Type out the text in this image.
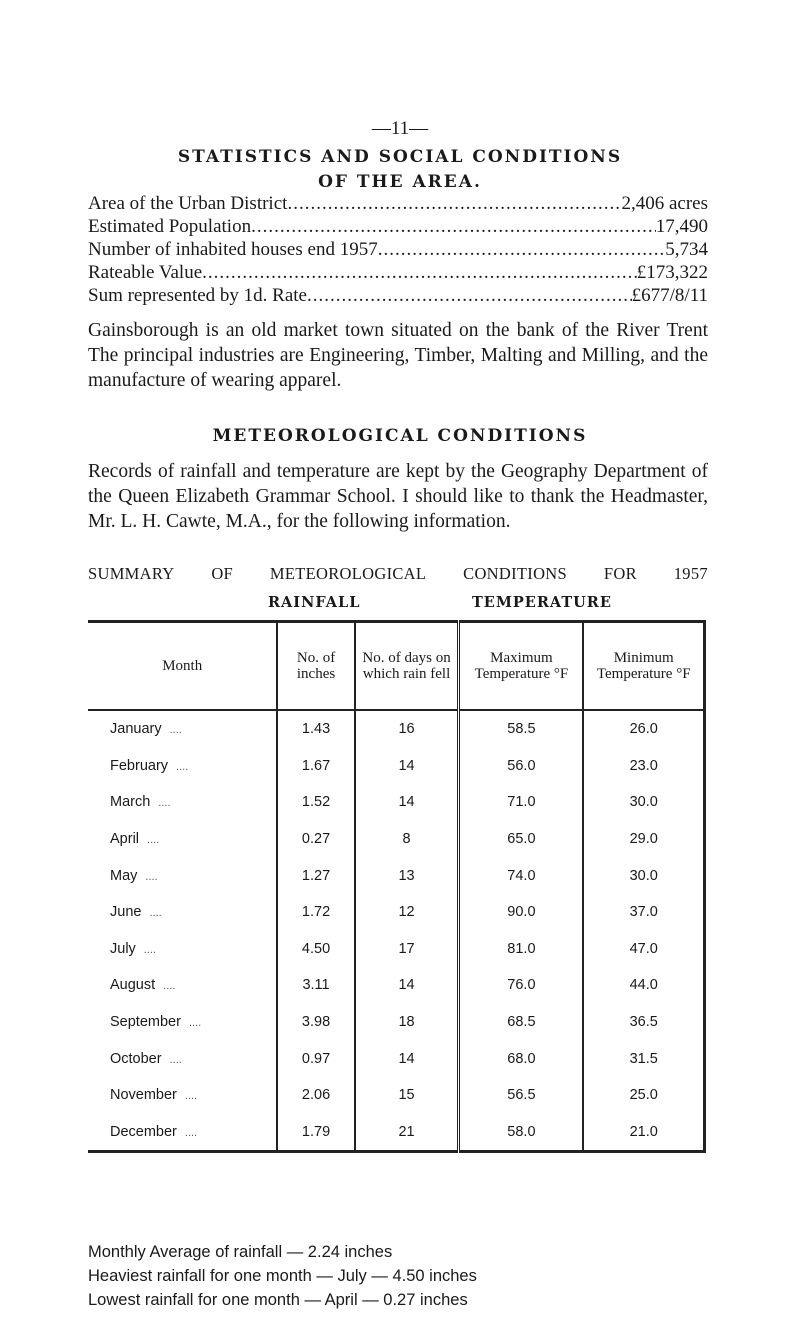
—11—
STATISTICS AND SOCIAL CONDITIONS
OF THE AREA.
Area of the Urban District .....	2,406 acres
Estimated Population .....	17,490
Number of inhabited houses end 1957 .....	5,734
Rateable Value .....	£173,322
Sum represented by 1d. Rate .....	£677/8/11
Gainsborough is an old market town situated on the bank of the River Trent The principal industries are Engineering, Timber, Malting and Milling, and the manufacture of wearing apparel.
METEOROLOGICAL CONDITIONS
Records of rainfall and temperature are kept by the Geography Department of the Queen Elizabeth Grammar School. I should like to thank the Headmaster, Mr. L. H. Cawte, M.A., for the following information.
SUMMARY OF METEOROLOGICAL CONDITIONS FOR 1957
RAINFALL	TEMPERATURE
Month	No. of inches	No. of days on which rain fell	Maximum Temperature °F	Minimum Temperature °F
January ....	1.43	16	58.5	26.0
February ....	1.67	14	56.0	23.0
March ....	1.52	14	71.0	30.0
April ....	0.27	8	65.0	29.0
May ....	1.27	13	74.0	30.0
June ....	1.72	12	90.0	37.0
July ....	4.50	17	81.0	47.0
August ....	3.11	14	76.0	44.0
September ....	3.98	18	68.5	36.5
October ....	0.97	14	68.0	31.5
November ....	2.06	15	56.5	25.0
December ....	1.79	21	58.0	21.0
Monthly Average of rainfall — 2.24 inches
Heaviest rainfall for one month — July — 4.50 inches
Lowest rainfall for one month — April — 0.27 inches
